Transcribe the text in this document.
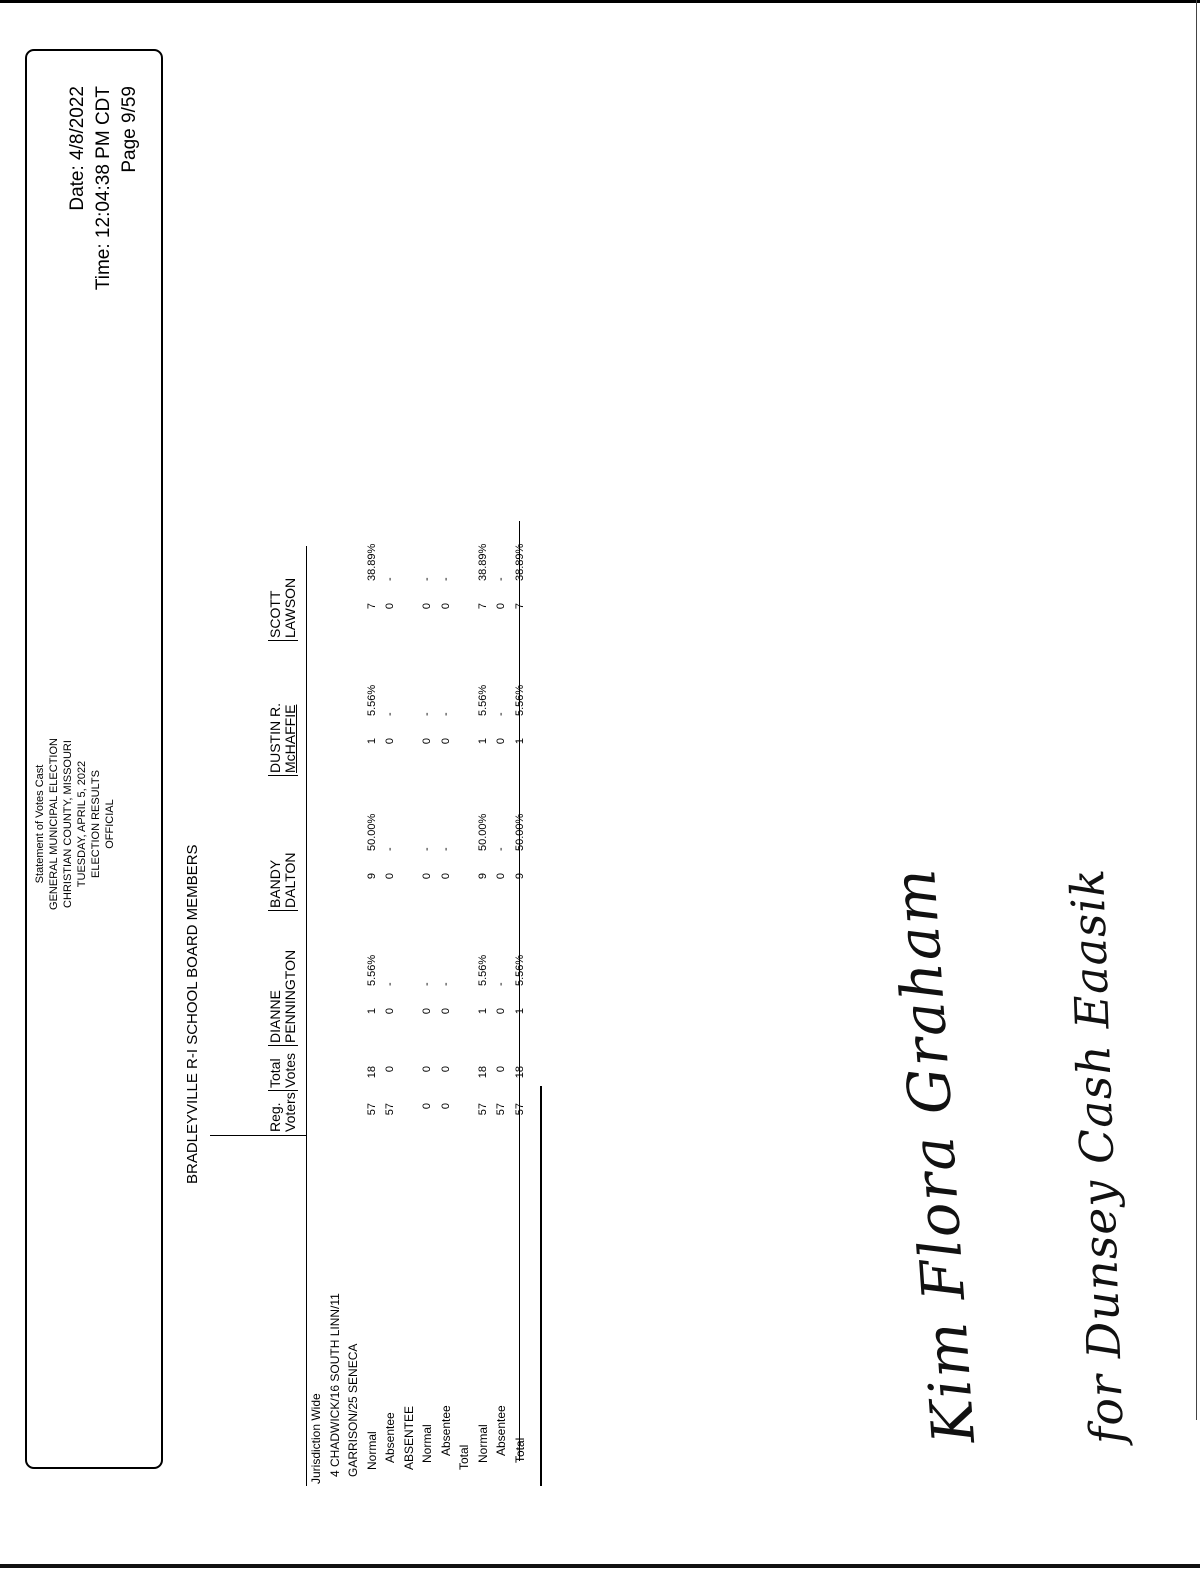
Date: 4/8/2022 Time: 12:04:38 PM CDT Page 9/59
Statement of Votes Cast GENERAL MUNICIPAL ELECTION CHRISTIAN COUNTY, MISSOURI TUESDAY, APRIL 5, 2022 ELECTION RESULTS OFFICIAL
BRADLEYVILLE R-I SCHOOL BOARD MEMBERS	Reg. Voters
Total Votes
DIANNE PENNINGTON
BANDY DALTON
DUSTIN R. McHAFFIE
SCOTT LAWSON
Jurisdiction Wide 4 CHADWICK/16 SOUTH LINN/11 GARRISON/25 SENECA Normal
57
18
1
5.56%
9
50.00%
1
5.56%
7
38.89%
Absentee
57
0
0
-
0
-
0
-
0
-
ABSENTEE Normal
0
0
0
-
0
-
0
-
0
-
Absentee
0
0
0
-
0
-
0
-
0
-
Total Normal
57
18
1
5.56%
9
50.00%
1
5.56%
7
38.89%
Absentee
57
0
0
-
0
-
0
-
0
-
Total
57
18
1
5.56%
9
50.00%
1
5.56%
7
38.89%
Kim Flora Graham for Dunsey Cash Eaasik
